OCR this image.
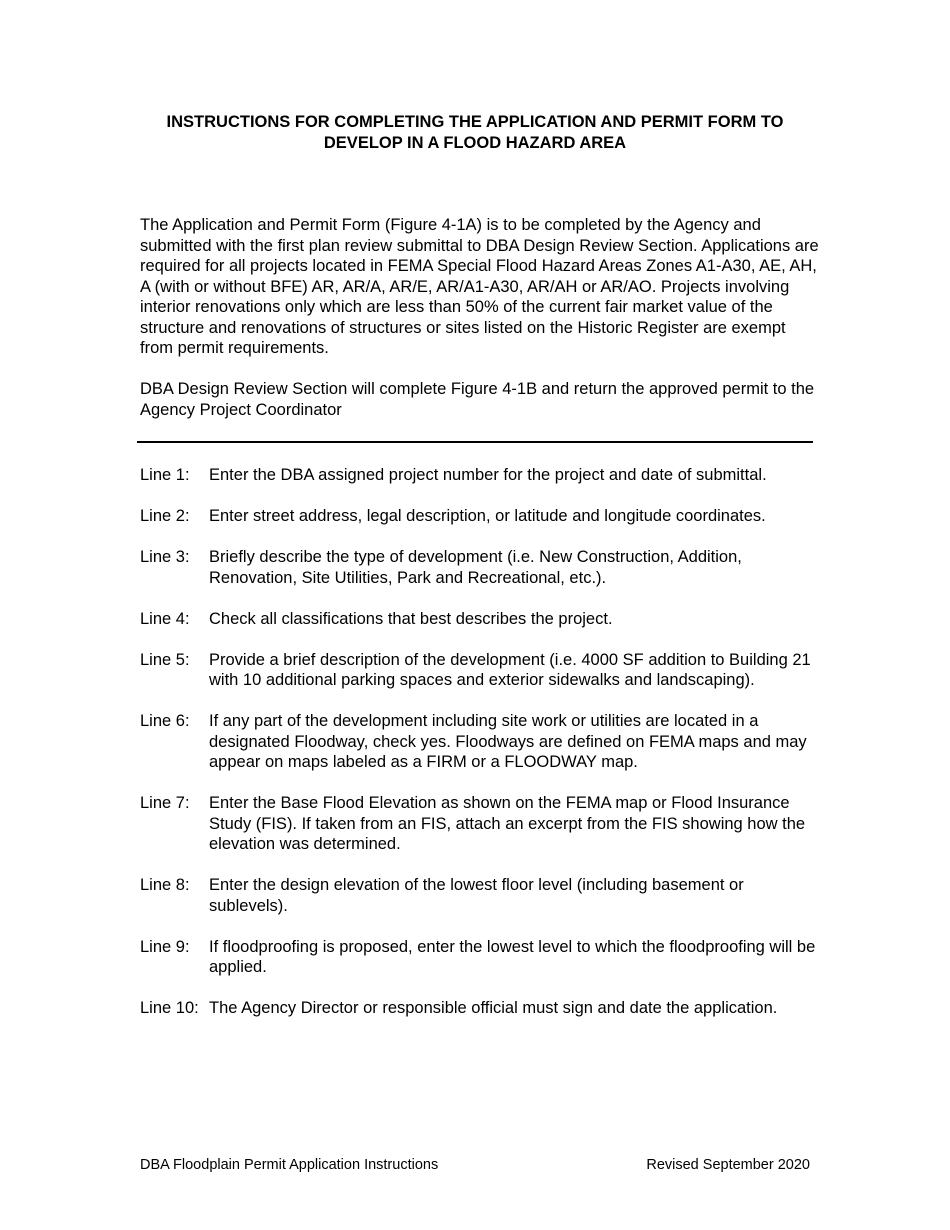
INSTRUCTIONS FOR COMPLETING THE APPLICATION AND PERMIT FORM TO
DEVELOP IN A FLOOD HAZARD AREA

The Application and Permit Form (Figure 4-1A) is to be completed by the Agency and submitted with the first plan review submittal to DBA Design Review Section. Applications are required for all projects located in FEMA Special Flood Hazard Areas Zones A1-A30, AE, AH, A (with or without BFE) AR, AR/A, AR/E, AR/A1-A30, AR/AH or AR/AO. Projects involving interior renovations only which are less than 50% of the current fair market value of the structure and renovations of structures or sites listed on the Historic Register are exempt from permit requirements.

DBA Design Review Section will complete Figure 4-1B and return the approved permit to the Agency Project Coordinator

Line 1:	Enter the DBA assigned project number for the project and date of submittal.
Line 2:	Enter street address, legal description, or latitude and longitude coordinates.
Line 3:	Briefly describe the type of development (i.e. New Construction, Addition, Renovation, Site Utilities, Park and Recreational, etc.).
Line 4:	Check all classifications that best describes the project.
Line 5:	Provide a brief description of the development (i.e. 4000 SF addition to Building 21 with 10 additional parking spaces and exterior sidewalks and landscaping).
Line 6:	If any part of the development including site work or utilities are located in a designated Floodway, check yes. Floodways are defined on FEMA maps and may appear on maps labeled as a FIRM or a FLOODWAY map.
Line 7:	Enter the Base Flood Elevation as shown on the FEMA map or Flood Insurance Study (FIS). If taken from an FIS, attach an excerpt from the FIS showing how the elevation was determined.
Line 8:	Enter the design elevation of the lowest floor level (including basement or sublevels).
Line 9:	If floodproofing is proposed, enter the lowest level to which the floodproofing will be applied.
Line 10: The Agency Director or responsible official must sign and date the application.
DBA Floodplain Permit Application Instructions	Revised September 2020
